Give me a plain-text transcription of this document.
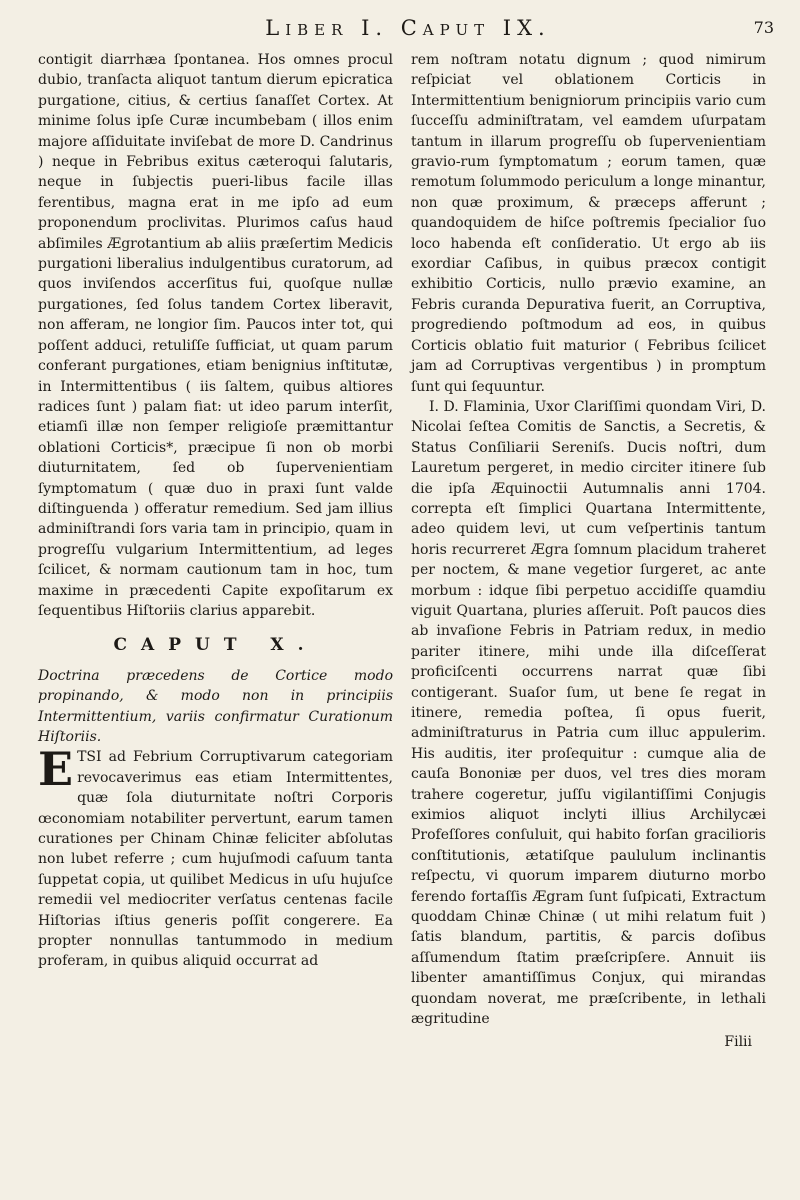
Liber I. Caput IX.	73

contigit diarrhæa ſpontanea. Hos omnes procul dubio, tranſacta aliquot tantum dierum epicratica purgatione, citius, & certius ſanaſſet Cortex. At minime ſolus ipſe Curæ incumbebam ( illos enim majore aſſiduitate inviſebat de more D. Candrinus ) neque in Febribus exitus cæteroqui ſalutaris, neque in ſubjectis pueri-libus facile illas ferentibus, magna erat in me ipſo ad eum proponendum proclivitas. Plurimos caſus haud abſimiles Ægrotantium ab aliis præſertim Medicis purgationi liberalius indulgentibus curatorum, ad quos inviſendos accerſitus fui, quoſque nullæ purgationes, ſed ſolus tandem Cortex liberavit, non afferam, ne longior ſim. Paucos inter tot, qui poſſent adduci, retuliſſe ſufficiat, ut quam parum conferant purgationes, etiam benignius inſtitutæ, in Intermittentibus ( iis ſaltem, quibus altiores radices ſunt ) palam fiat: ut ideo parum interſit, etiamſi illæ non ſemper religioſe præmittantur oblationi Corticis*, præcipue ſi non ob morbi diuturnitatem, ſed ob ſupervenientiam ſymptomatum ( quæ duo in praxi ſunt valde diſtinguenda ) offeratur remedium. Sed jam illius adminiſtrandi ſors varia tam in principio, quam in progreſſu vulgarium Intermittentium, ad leges ſcilicet, & normam cautionum tam in hoc, tum maxime in præcedenti Capite expoſitarum ex ſequentibus Hiſtoriis clarius apparebit.

CAPUT X.

Doctrina præcedens de Cortice modo propinando, & modo non in principiis Intermittentium, variis confirmatur Curationum Hiſtoriis.

ETSI ad Febrium Corruptivarum categoriam revocaverimus eas etiam Intermittentes, quæ ſola diuturnitate noſtri Corporis œconomiam notabiliter pervertunt, earum tamen curationes per Chinam Chinæ feliciter abſolutas non lubet referre ; cum hujuſmodi caſuum tanta ſuppetat copia, ut quilibet Medicus in uſu hujuſce remedii vel mediocriter verſatus centenas facile Hiſtorias iſtius generis poſſit congerere. Ea propter nonnullas tantummodo in medium proferam, in quibus aliquid occurrat ad

rem noſtram notatu dignum ; quod nimirum reſpiciat vel oblationem Corticis in Intermittentium benigniorum principiis vario cum ſucceſſu adminiſtratam, vel eamdem uſurpatam tantum in illarum progreſſu ob ſupervenientiam gravio-rum ſymptomatum ; eorum tamen, quæ remotum ſolummodo periculum a longe minantur, non quæ proximum, & præceps afferunt ; quandoquidem de hiſce poſtremis ſpecialior ſuo loco habenda eſt conſideratio. Ut ergo ab iis exordiar Caſibus, in quibus præcox contigit exhibitio Corticis, nullo prævio examine, an Febris curanda Depurativa fuerit, an Corruptiva, progrediendo poſtmodum ad eos, in quibus Corticis oblatio fuit maturior ( Febribus ſcilicet jam ad Corruptivas vergentibus ) in promptum ſunt qui ſequuntur.

I. D. Flaminia, Uxor Clariſſimi quondam Viri, D. Nicolai ſeſtea Comitis de Sanctis, a Secretis, & Status Conſiliarii Sereniſs. Ducis noſtri, dum Lauretum pergeret, in medio circiter itinere ſub die ipſa Æquinoctii Autumnalis anni 1704. correpta eſt ſimplici Quartana Intermittente, adeo quidem levi, ut cum veſpertinis tantum horis recurreret Ægra ſomnum placidum traheret per noctem, & mane vegetior ſurgeret, ac ante morbum : idque ſibi perpetuo accidiſſe quamdiu viguit Quartana, pluries aſſeruit. Poſt paucos dies ab invaſione Febris in Patriam redux, in medio pariter itinere, mihi unde illa diſceſſerat proficiſcenti occurrens narrat quæ ſibi contigerant. Suaſor ſum, ut bene ſe regat in itinere, remedia poſtea, ſi opus fuerit, adminiſtraturus in Patria cum illuc appulerim. His auditis, iter proſequitur : cumque alia de cauſa Bononiæ per duos, vel tres dies moram trahere cogeretur, juſſu vigilantiſſimi Conjugis eximios aliquot inclyti illius Archilycæi Profeſſores conſuluit, qui habito forſan gracilioris conſtitutionis, ætatiſque paululum inclinantis reſpectu, vi quorum imparem diuturno morbo ferendo fortaſſis Ægram ſunt ſuſpicati, Extractum quoddam Chinæ Chinæ ( ut mihi relatum fuit ) ſatis blandum, partitis, & parcis doſibus aſſumendum ſtatim præſcripſere. Annuit iis libenter amantiſſimus Conjux, qui mirandas quondam noverat, me præſcribente, in lethali ægritudine

Filii
